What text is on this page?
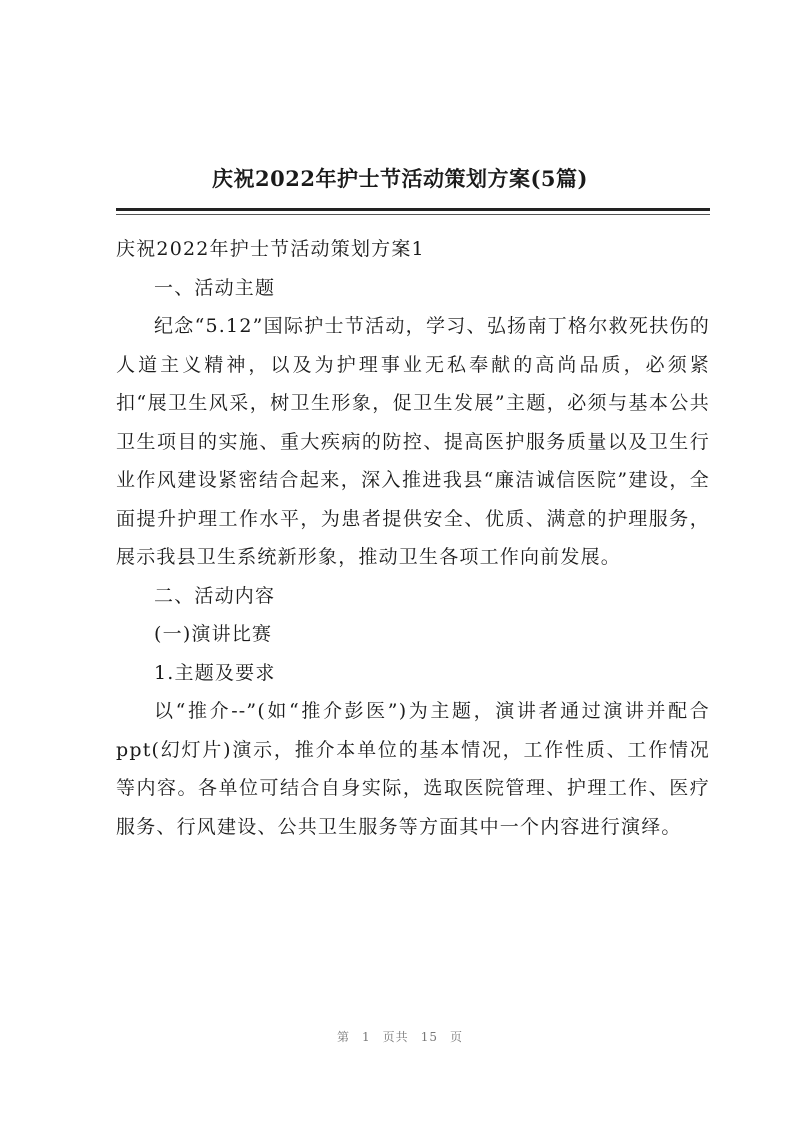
庆祝2022年护士节活动策划方案(5篇)

庆祝2022年护士节活动策划方案1

一、活动主题

纪念“5.12”国际护士节活动，学习、弘扬南丁格尔救死扶伤的人道主义精神，以及为护理事业无私奉献的高尚品质，必须紧扣“展卫生风采，树卫生形象，促卫生发展”主题，必须与基本公共卫生项目的实施、重大疾病的防控、提高医护服务质量以及卫生行业作风建设紧密结合起来，深入推进我县“廉洁诚信医院”建设，全面提升护理工作水平，为患者提供安全、优质、满意的护理服务，展示我县卫生系统新形象，推动卫生各项工作向前发展。

二、活动内容

(一)演讲比赛

1.主题及要求

以“推介--”(如“推介彭医”)为主题，演讲者通过演讲并配合ppt(幻灯片)演示，推介本单位的基本情况，工作性质、工作情况等内容。各单位可结合自身实际，选取医院管理、护理工作、医疗服务、行风建设、公共卫生服务等方面其中一个内容进行演绎。

第 1 页共 15 页
